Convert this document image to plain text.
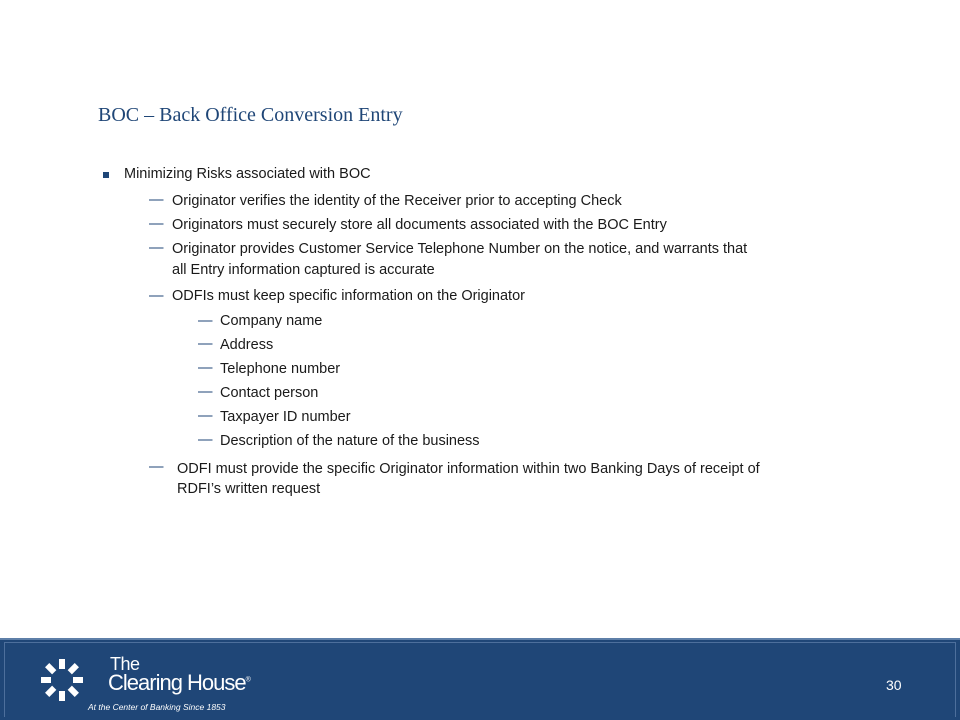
BOC – Back Office Conversion Entry
Minimizing Risks associated with BOC
— Originator verifies the identity of the Receiver prior to accepting Check
— Originators must securely store all documents associated with the BOC Entry
— Originator provides Customer Service Telephone Number on the notice, and warrants that
all Entry information captured is accurate
— ODFIs must keep specific information on the Originator
— Company name
— Address
— Telephone number
— Contact person
— Taxpayer ID number
— Description of the nature of the business
— ODFI must provide the specific Originator information within two Banking Days of receipt of
RDFI’s written request
The
Clearing House®
At the Center of Banking Since 1853
30
